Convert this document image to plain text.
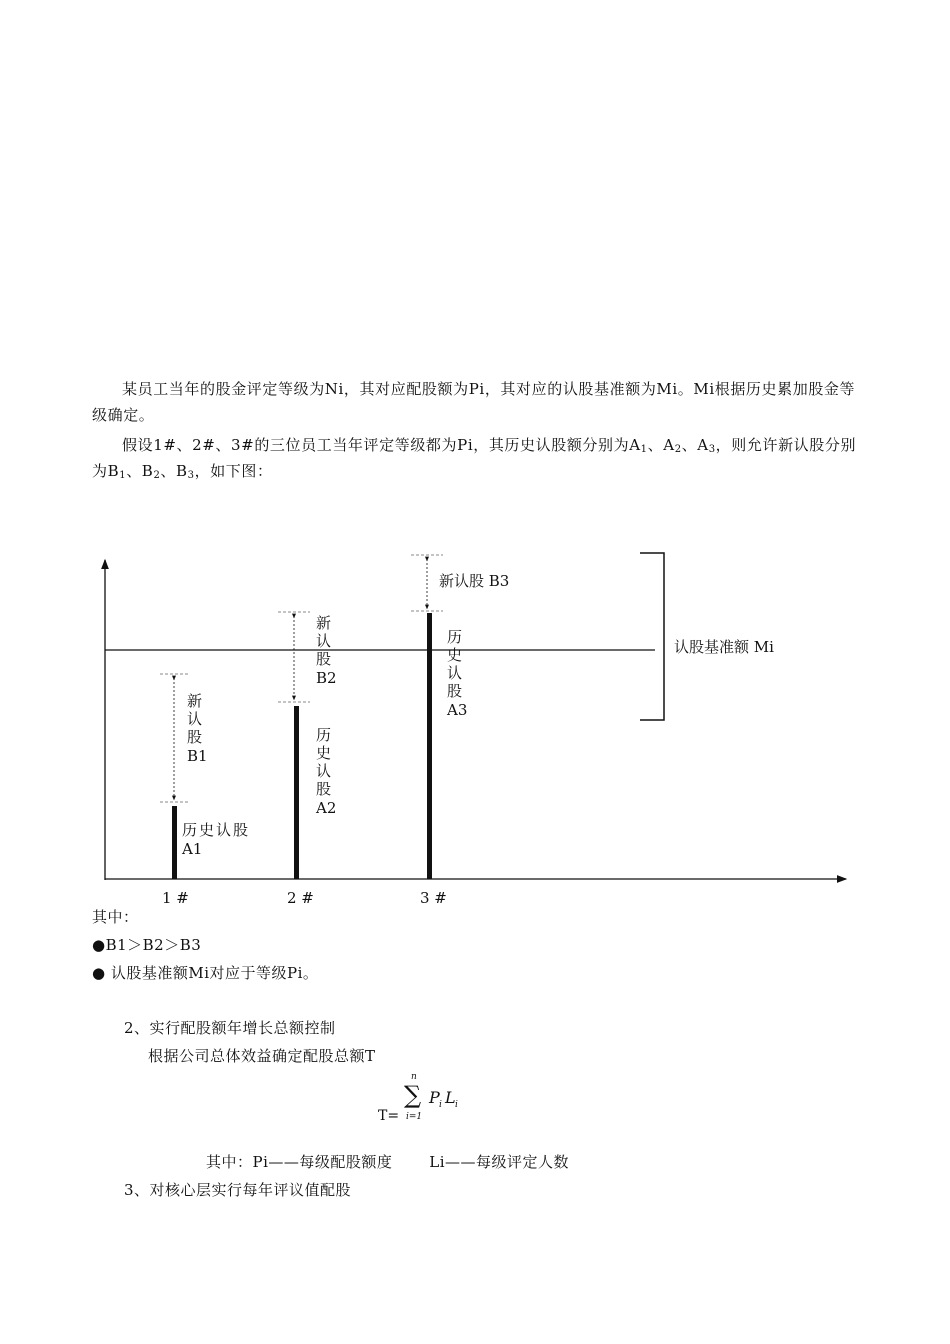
某员工当年的股金评定等级为Ni，其对应配股额为Pi，其对应的认股基准额为Mi。Mi根据历史累加股金等级确定。
假设1#、2#、3#的三位员工当年评定等级都为Pi，其历史认股额分别为$A_1$、$A_2$、$A_3$，则允许新认股分别为$B_1$、$B_2$、$B_3$，如下图：
历史认股
A1
新
认
股
B1
历
史
认
股
A2
新
认
股
B2
历
史
认
股
A3
新认股 B3
认股基准额 Mi
1 #	2 #	3 #
其中：
●B1＞B2＞B3
● 认股基准额Mi对应于等级Pi。
2、实行配股额年增长总额控制
根据公司总体效益确定配股总额T
T=
n
∑
i=1
P i L i
其中：Pi——每级配股额度       Li——每级评定人数
3、对核心层实行每年评议值配股
